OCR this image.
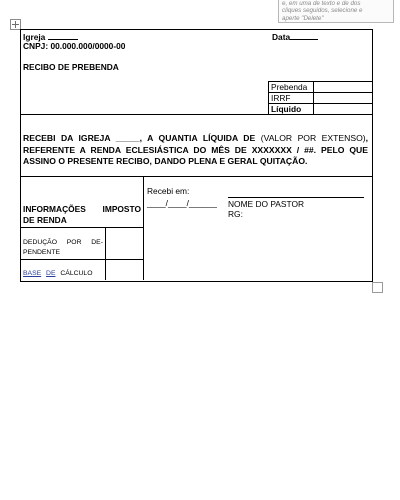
e, em uma de texto e de dos
cliques seguidos, selecione e
aperte "Delete"
Igreja	Data
CNPJ: 00.000.000/0000-00
RECIBO DE PREBENDA
Prebenda
IRRF
Líquido
RECEBI DA IGREJA _____, A QUANTIA LÍQUIDA DE (VALOR POR EXTENSO), REFERENTE A RENDA ECLESIÁSTICA DO MÊS DE XXXXXXX / ##. PELO QUE ASSINO O PRESENTE RECIBO, DANDO PLENA E GERAL QUITAÇÃO.
INFORMAÇÕES IMPOSTO
DE RENDA
DEDUÇÃO POR DE-
PENDENTE
BASE DE CÁLCULO
Recebi em:
____/____/______ NOME DO PASTOR
RG:
